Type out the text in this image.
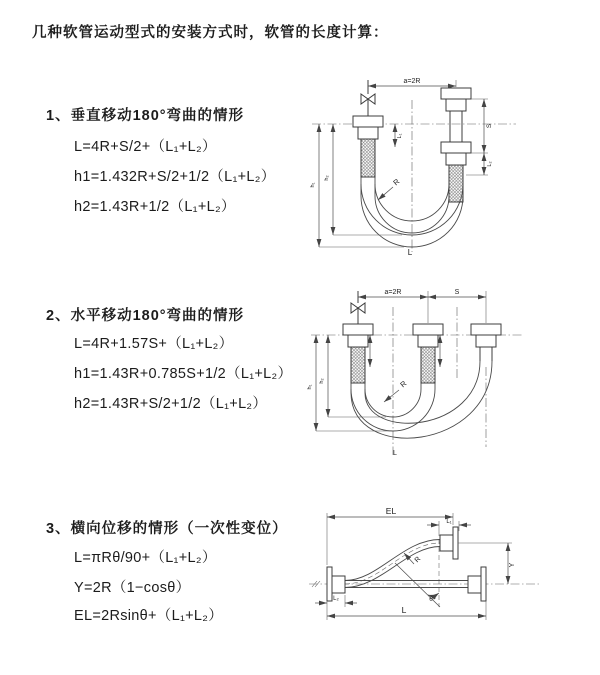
几种软管运动型式的安装方式时，软管的长度计算：
1、垂直移动180°弯曲的情形
L=4R+S/2+（L₁+L₂）
h1=1.432R+S/2+1/2（L₁+L₂）
h2=1.43R+1/2（L₁+L₂）
2、水平移动180°弯曲的情形
L=4R+1.57S+（L₁+L₂）
h1=1.43R+0.785S+1/2（L₁+L₂）
h2=1.43R+S/2+1/2（L₁+L₂）
3、横向位移的情形（一次性变位）
L=πRθ/90+（L₁+L₂）
Y=2R（1−cosθ）
EL=2Rsinθ+（L₁+L₂）
a=2R
L₁
S
L₂
h₁
h₂	R
L
a=2R	S
h₁
h₂	R
L
EL
L₁
Y
R
θ
L
L₂
